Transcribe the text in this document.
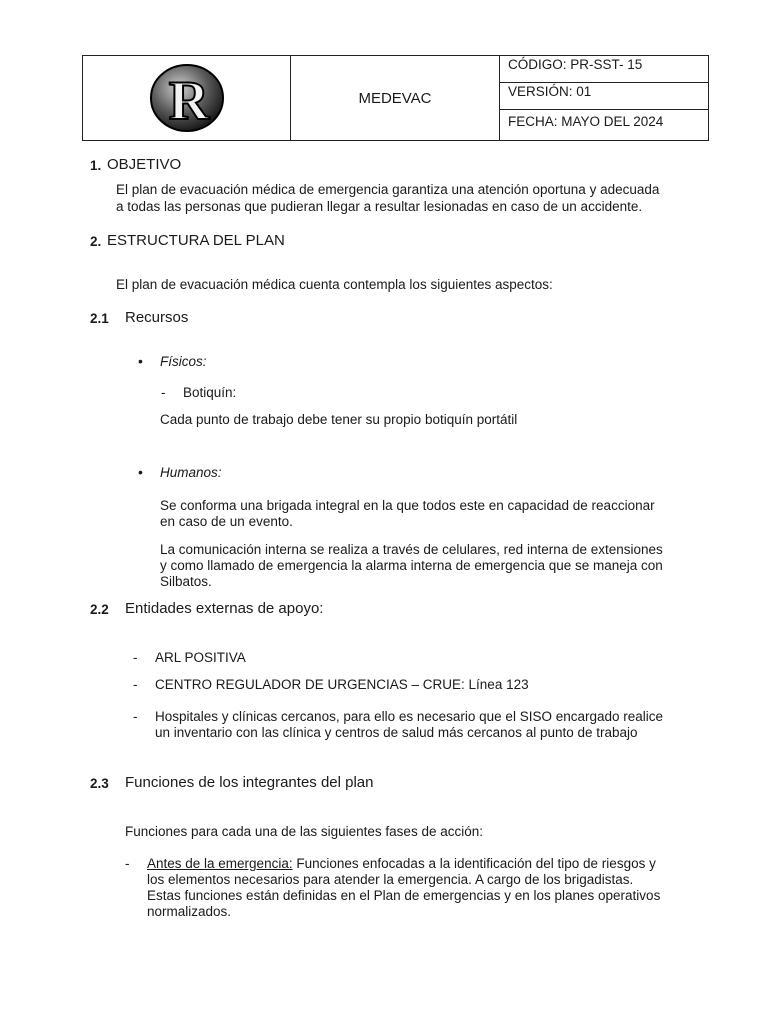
R	MEDEVAC	
CÓDIGO: PR-SST- 15

VERSIÓN: 01

FECHA: MAYO DEL 2024
1. OBJETIVO
El plan de evacuación médica de emergencia garantiza una atención oportuna y adecuada
a todas las personas que pudieran llegar a resultar lesionadas en caso de un accidente.
2. ESTRUCTURA DEL PLAN
El plan de evacuación médica cuenta contempla los siguientes aspectos:
2.1 Recursos
• Físicos:
- Botiquín:
Cada punto de trabajo debe tener su propio botiquín portátil
• Humanos:
Se conforma una brigada integral en la que todos este en capacidad de reaccionar
en caso de un evento.
La comunicación interna se realiza a través de celulares, red interna de extensiones
y como llamado de emergencia la alarma interna de emergencia que se maneja con
Silbatos.
2.2 Entidades externas de apoyo:
- ARL POSITIVA
- CENTRO REGULADOR DE URGENCIAS – CRUE: Línea 123
- Hospitales y clínicas cercanos, para ello es necesario que el SISO encargado realice
un inventario con las clínica y centros de salud más cercanos al punto de trabajo
2.3 Funciones de los integrantes del plan
Funciones para cada una de las siguientes fases de acción:
- Antes de la emergencia: Funciones enfocadas a la identificación del tipo de riesgos y
los elementos necesarios para atender la emergencia. A cargo de los brigadistas.
Estas funciones están definidas en el Plan de emergencias y en los planes operativos
normalizados.
